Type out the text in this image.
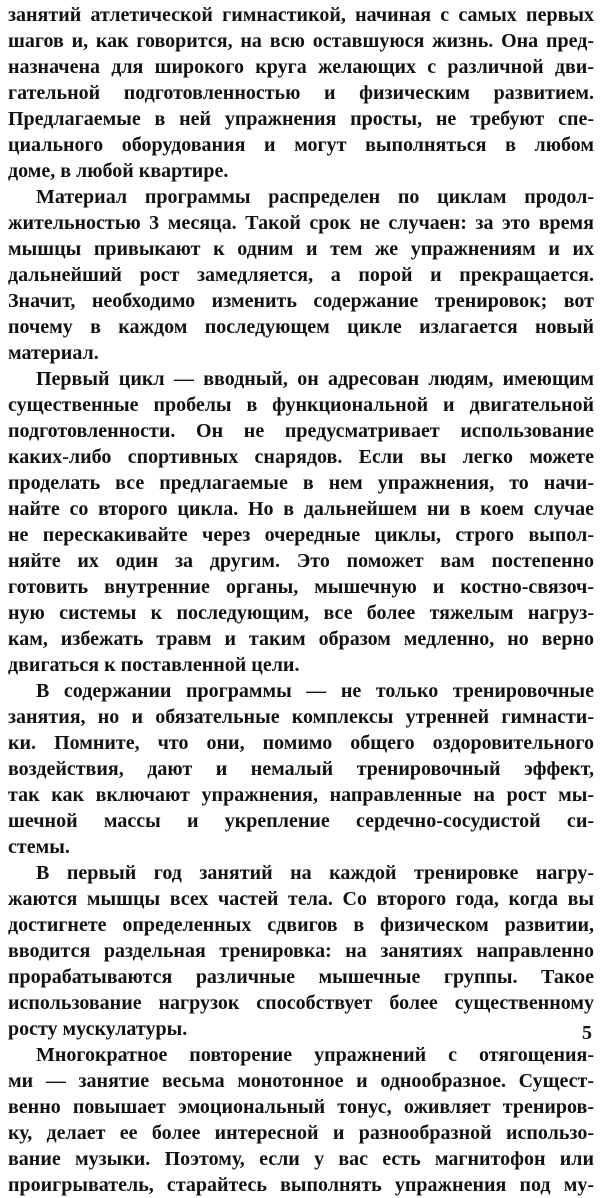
занятий атлетической гимнастикой, начиная с самых первых
шагов и, как говорится, на всю оставшуюся жизнь. Она пред-
назначена для широкого круга желающих с различной дви-
гательной подготовленностью и физическим развитием.
Предлагаемые в ней упражнения просты, не требуют спе-
циального оборудования и могут выполняться в любом
доме, в любой квартире.
Материал программы распределен по циклам продол-
жительностью 3 месяца. Такой срок не случаен: за это время
мышцы привыкают к одним и тем же упражнениям и их
дальнейший рост замедляется, а порой и прекращается.
Значит, необходимо изменить содержание тренировок; вот
почему в каждом последующем цикле излагается новый
материал.
Первый цикл — вводный, он адресован людям, имеющим
существенные пробелы в функциональной и двигательной
подготовленности. Он не предусматривает использование
каких-либо спортивных снарядов. Если вы легко можете
проделать все предлагаемые в нем упражнения, то начи-
найте со второго цикла. Но в дальнейшем ни в коем случае
не перескакивайте через очередные циклы, строго выпол-
няйте их один за другим. Это поможет вам постепенно
готовить внутренние органы, мышечную и костно-связоч-
ную системы к последующим, все более тяжелым нагруз-
кам, избежать травм и таким образом медленно, но верно
двигаться к поставленной цели.
В содержании программы — не только тренировочные
занятия, но и обязательные комплексы утренней гимнасти-
ки. Помните, что они, помимо общего оздоровительного
воздействия, дают и немалый тренировочный эффект,
так как включают упражнения, направленные на рост мы-
шечной массы и укрепление сердечно-сосудистой си-
стемы.
В первый год занятий на каждой тренировке нагру-
жаются мышцы всех частей тела. Со второго года, когда вы
достигнете определенных сдвигов в физическом развитии,
вводится раздельная тренировка: на занятиях направленно
прорабатываются различные мышечные группы. Такое
использование нагрузок способствует более существенному
росту мускулатуры.
Многократное повторение упражнений с отягощения-
ми — занятие весьма монотонное и однообразное. Сущест-
венно повышает эмоциональный тонус, оживляет трениров-
ку, делает ее более интересной и разнообразной использо-
вание музыки. Поэтому, если у вас есть магнитофон или
проигрыватель, старайтесь выполнять упражнения под му-
5
